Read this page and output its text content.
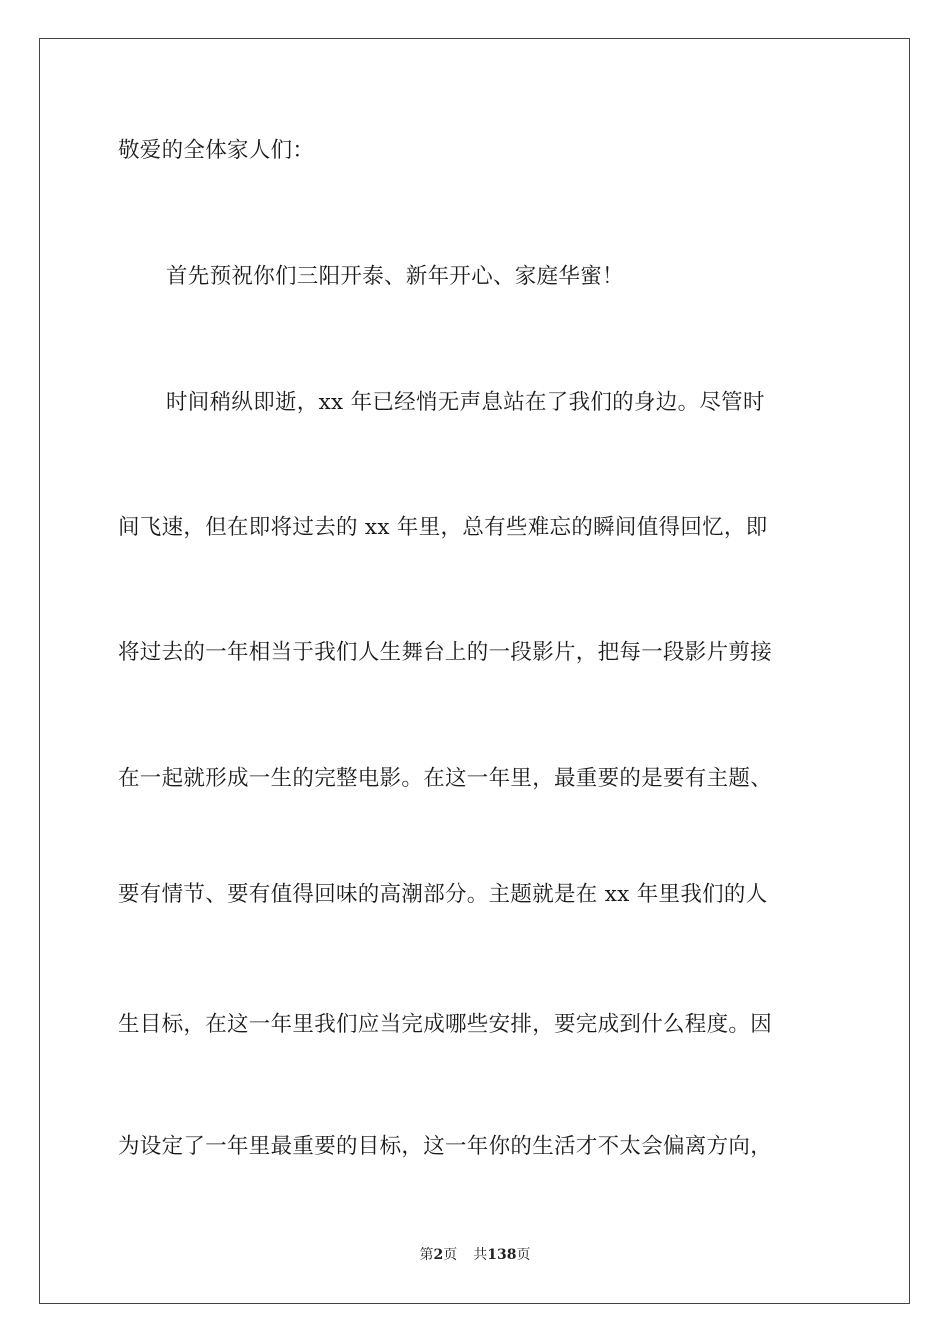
敬爱的全体家人们：
首先预祝你们三阳开泰、新年开心、家庭华蜜！
时间稍纵即逝，xx 年已经悄无声息站在了我们的身边。尽管时
间飞速，但在即将过去的 xx 年里，总有些难忘的瞬间值得回忆，即
将过去的一年相当于我们人生舞台上的一段影片，把每一段影片剪接
在一起就形成一生的完整电影。在这一年里，最重要的是要有主题、
要有情节、要有值得回味的高潮部分。主题就是在 xx 年里我们的人
生目标，在这一年里我们应当完成哪些安排，要完成到什么程度。因
为设定了一年里最重要的目标，这一年你的生活才不太会偏离方向，
第2页 共138页
